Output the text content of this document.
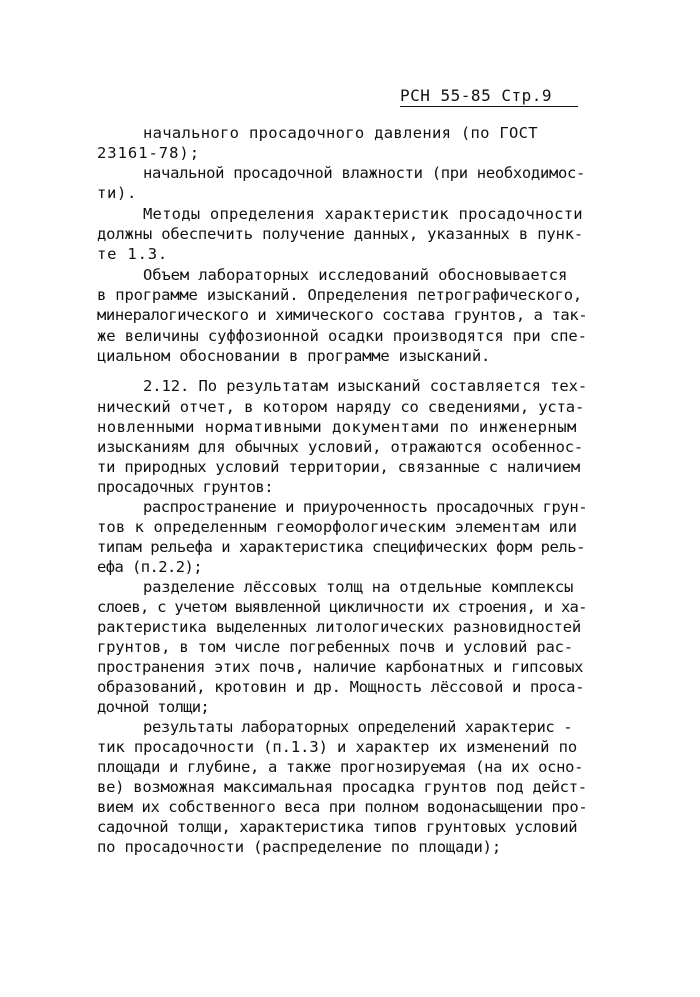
РСН 55-85 Стр.9
начального просадочного давления (по ГОСТ
23161-78);
начальной просадочной влажности (при необходимос-
ти).
Методы определения характеристик просадочности
должны обеспечить получение данных, указанных в пунк-
те 1.3.
Объем лабораторных исследований обосновывается
в программе изысканий. Определения петрографического,
минералогического и химического состава грунтов, а так-
же величины суффозионной осадки производятся при спе-
циальном обосновании в программе изысканий.
2.12. По результатам изысканий составляется тех-
нический отчет, в котором наряду со сведениями, уста-
новленными нормативными документами по инженерным
изысканиям для обычных условий, отражаются особеннос-
ти природных условий территории, связанные с наличием
просадочных грунтов:
распространение и приуроченность просадочных грун-
тов к определенным геоморфологическим элементам или
типам рельефа и характеристика специфических форм рель-
ефа (п.2.2);
разделение лёссовых толщ на отдельные комплексы
слоев, с учетом выявленной цикличности их строения, и ха-
рактеристика выделенных литологических разновидностей
грунтов, в том числе погребенных почв и условий рас-
пространения этих почв, наличие карбонатных и гипсовых
образований, кротовин и др. Мощность лёссовой и проса-
дочной толщи;
результаты лабораторных определений характерис -
тик просадочности (п.1.3) и характер их изменений по
площади и глубине, а также прогнозируемая (на их осно-
ве) возможная максимальная просадка грунтов под дейст-
вием их собственного веса при полном водонасыщении про-
садочной толщи, характеристика типов грунтовых условий
по просадочности (распределение по площади);
